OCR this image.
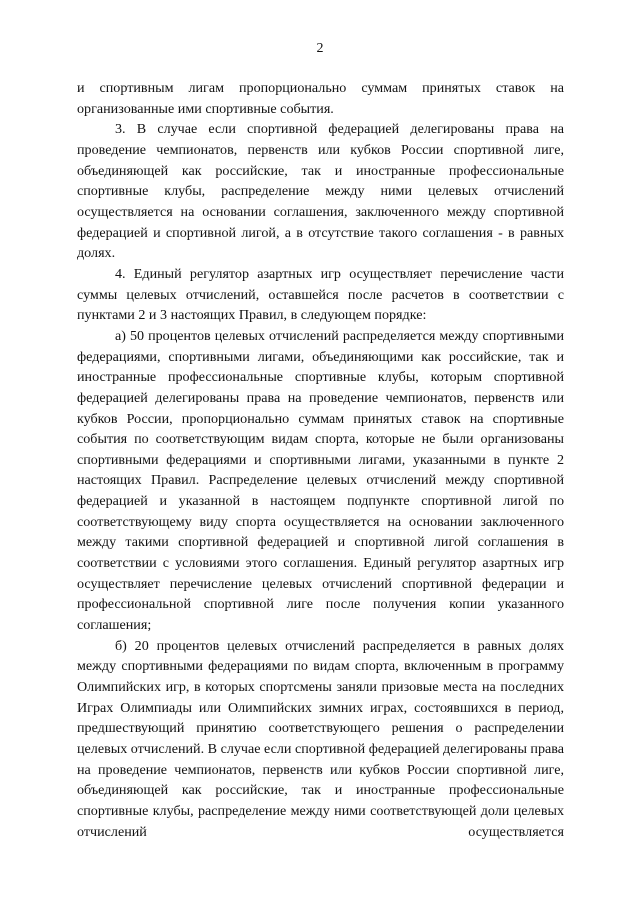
2

и спортивным лигам пропорционально суммам принятых ставок на организованные ими спортивные события.

3. В случае если спортивной федерацией делегированы права на проведение чемпионатов, первенств или кубков России спортивной лиге, объединяющей как российские, так и иностранные профессиональные спортивные клубы, распределение между ними целевых отчислений осуществляется на основании соглашения, заключенного между спортивной федерацией и спортивной лигой, а в отсутствие такого соглашения - в равных долях.

4. Единый регулятор азартных игр осуществляет перечисление части суммы целевых отчислений, оставшейся после расчетов в соответствии с пунктами 2 и 3 настоящих Правил, в следующем порядке:

а) 50 процентов целевых отчислений распределяется между спортивными федерациями, спортивными лигами, объединяющими как российские, так и иностранные профессиональные спортивные клубы, которым спортивной федерацией делегированы права на проведение чемпионатов, первенств или кубков России, пропорционально суммам принятых ставок на спортивные события по соответствующим видам спорта, которые не были организованы спортивными федерациями и спортивными лигами, указанными в пункте 2 настоящих Правил. Распределение целевых отчислений между спортивной федерацией и указанной в настоящем подпункте спортивной лигой по соответствующему виду спорта осуществляется на основании заключенного между такими спортивной федерацией и спортивной лигой соглашения в соответствии с условиями этого соглашения. Единый регулятор азартных игр осуществляет перечисление целевых отчислений спортивной федерации и профессиональной спортивной лиге после получения копии указанного соглашения;

б) 20 процентов целевых отчислений распределяется в равных долях между спортивными федерациями по видам спорта, включенным в программу Олимпийских игр, в которых спортсмены заняли призовые места на последних Играх Олимпиады или Олимпийских зимних играх, состоявшихся в период, предшествующий принятию соответствующего решения о распределении целевых отчислений. В случае если спортивной федерацией делегированы права на проведение чемпионатов, первенств или кубков России спортивной лиге, объединяющей как российские, так и иностранные профессиональные спортивные клубы, распределение между ними соответствующей доли целевых отчислений осуществляется
